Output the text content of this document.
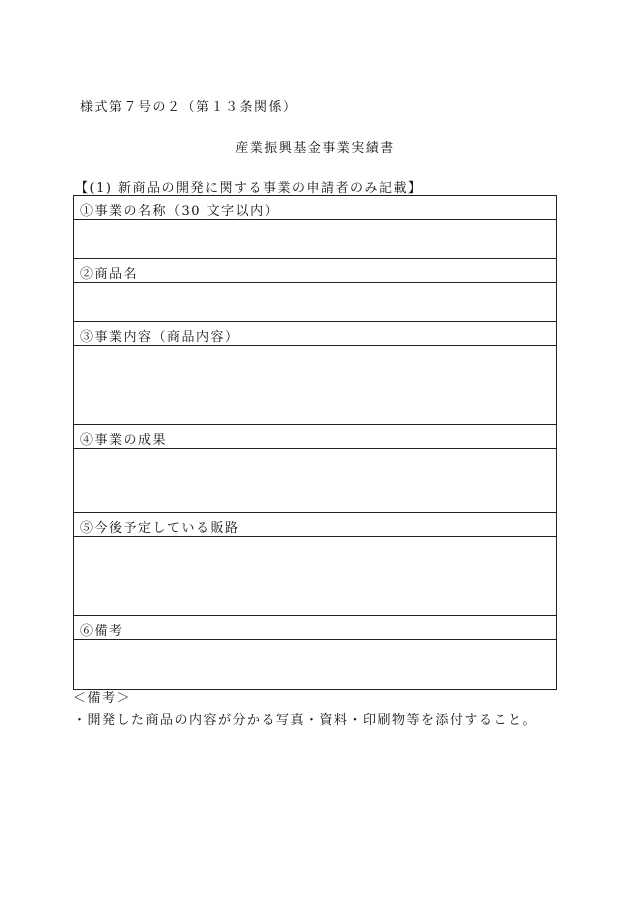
様式第７号の２（第１３条関係）
産業振興基金事業実績書
【(1) 新商品の開発に関する事業の申請者のみ記載】
①事業の名称（30 文字以内）
②商品名
③事業内容（商品内容）
④事業の成果
⑤今後予定している販路
⑥備考
＜備考＞
・開発した商品の内容が分かる写真・資料・印刷物等を添付すること。
